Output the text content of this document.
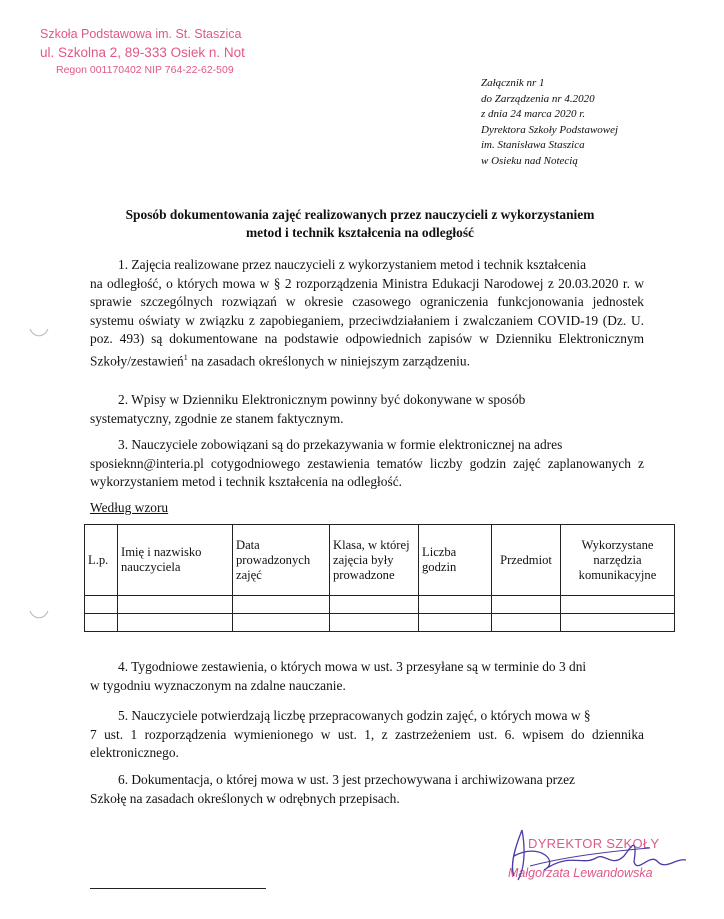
Szkoła Podstawowa im. St. Staszica
ul. Szkolna 2, 89-333 Osiek n. Not
Regon 001170402 NIP 764-22-62-509
Załącznik nr 1
do Zarządzenia nr 4.2020
z dnia 24 marca 2020 r.
Dyrektora Szkoły Podstawowej
im. Stanisława Staszica
w Osieku nad Notecią
Sposób dokumentowania zajęć realizowanych przez nauczycieli z wykorzystaniem
metod i technik kształcenia na odległość
1. Zajęcia realizowane przez nauczycieli z wykorzystaniem metod i technik kształcenia
na odległość, o których mowa w § 2 rozporządzenia Ministra Edukacji Narodowej z 20.03.2020 r. w sprawie szczególnych rozwiązań w okresie czasowego ograniczenia funkcjonowania jednostek systemu oświaty w związku z zapobieganiem, przeciwdziałaniem i zwalczaniem COVID-19 (Dz. U. poz. 493) są dokumentowane na podstawie odpowiednich zapisów w Dzienniku Elektronicznym Szkoły/zestawień$^1$ na zasadach określonych w niniejszym zarządzeniu.
2. Wpisy w Dzienniku Elektronicznym powinny być dokonywane w sposób
systematyczny, zgodnie ze stanem faktycznym.
3. Nauczyciele zobowiązani są do przekazywania w formie elektronicznej na adres
sposieknn@interia.pl cotygodniowego zestawienia tematów liczby godzin zajęć zaplanowanych z wykorzystaniem metod i technik kształcenia na odległość.
Według wzoru
L.p.	Imię i nazwisko nauczyciela	Data prowadzonych zajęć	Klasa, w której zajęcia były prowadzone	Liczba godzin	Przedmiot	Wykorzystane narzędzia komunikacyjne

4. Tygodniowe zestawienia, o których mowa w ust. 3 przesyłane są w terminie do 3 dni
w tygodniu wyznaczonym na zdalne nauczanie.
5. Nauczyciele potwierdzają liczbę przepracowanych godzin zajęć, o których mowa w §
7 ust. 1 rozporządzenia wymienionego w ust. 1, z zastrzeżeniem ust. 6. wpisem do dziennika elektronicznego.
6. Dokumentacja, o której mowa w ust. 3 jest przechowywana i archiwizowana przez
Szkołę na zasadach określonych w odrębnych przepisach.
DYREKTOR SZKOŁY
Małgorzata Lewandowska
